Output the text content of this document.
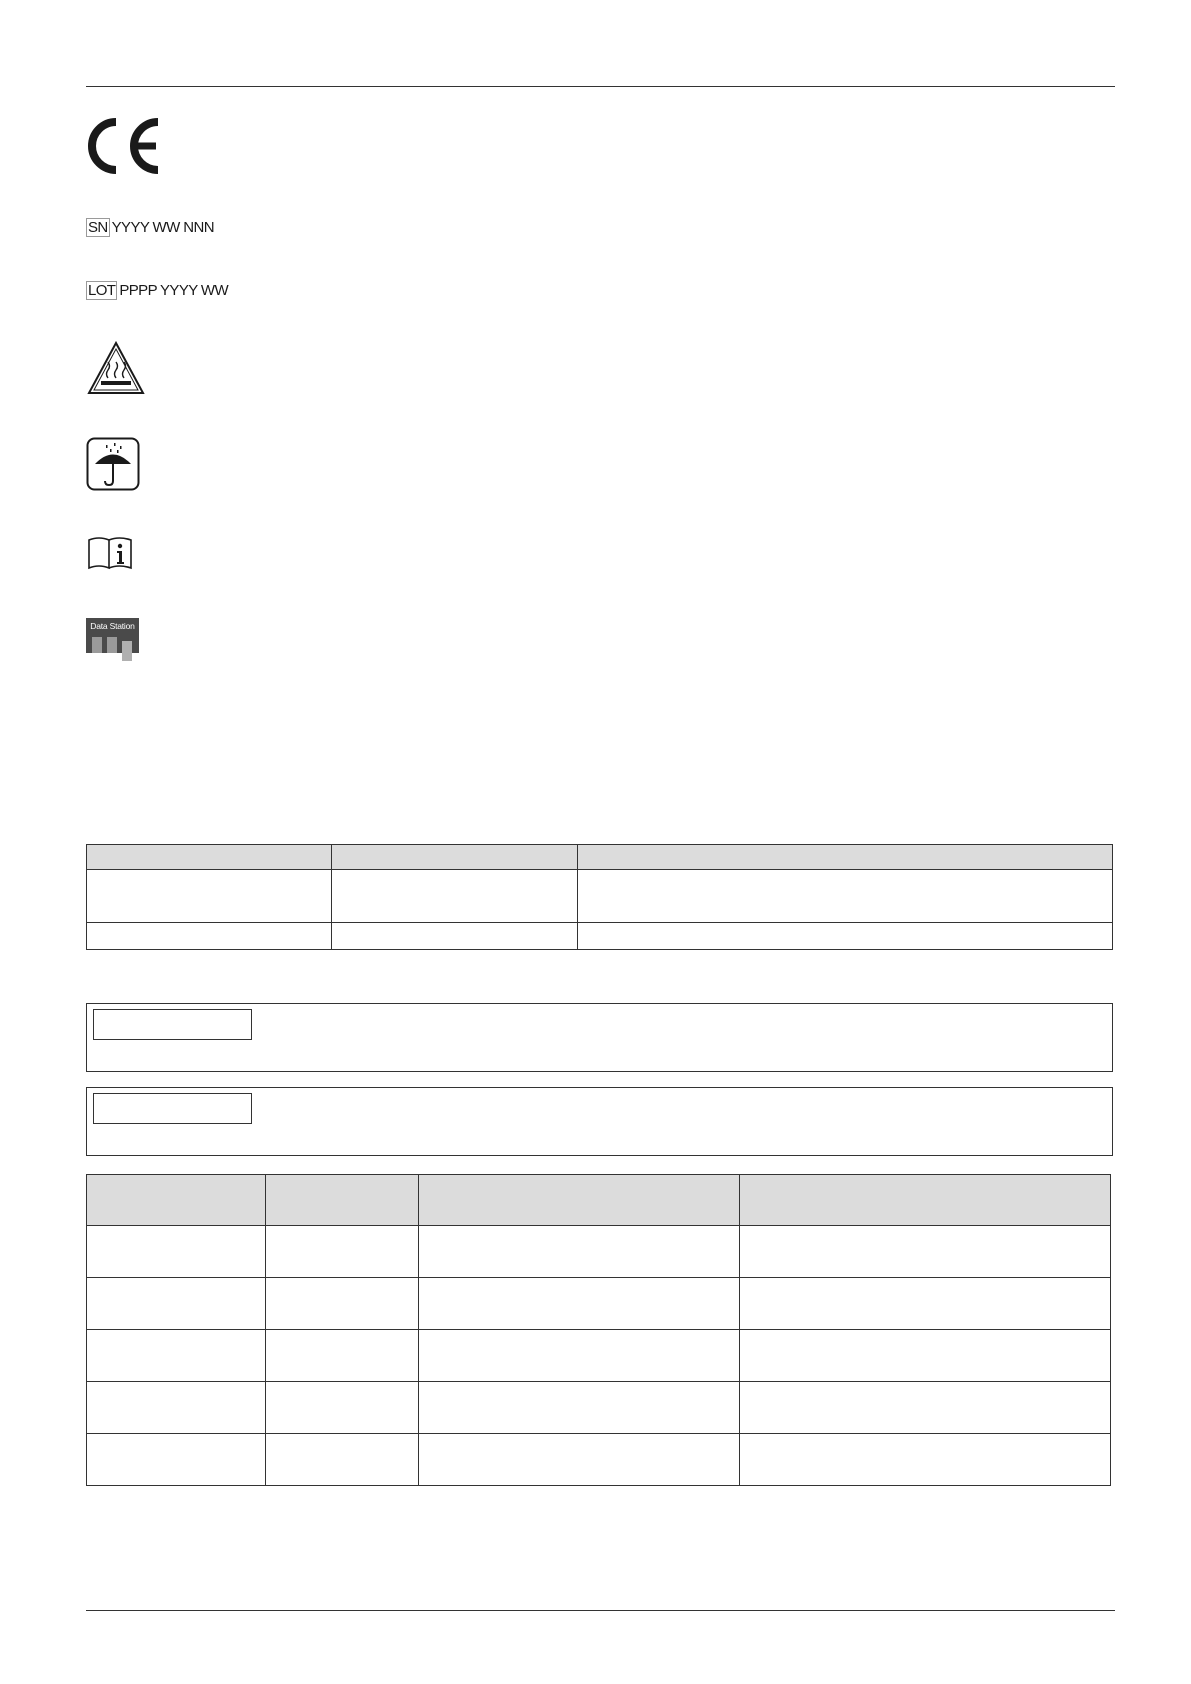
SN YYYY WW NNN
LOT PPPP YYYY WW
Data Station
